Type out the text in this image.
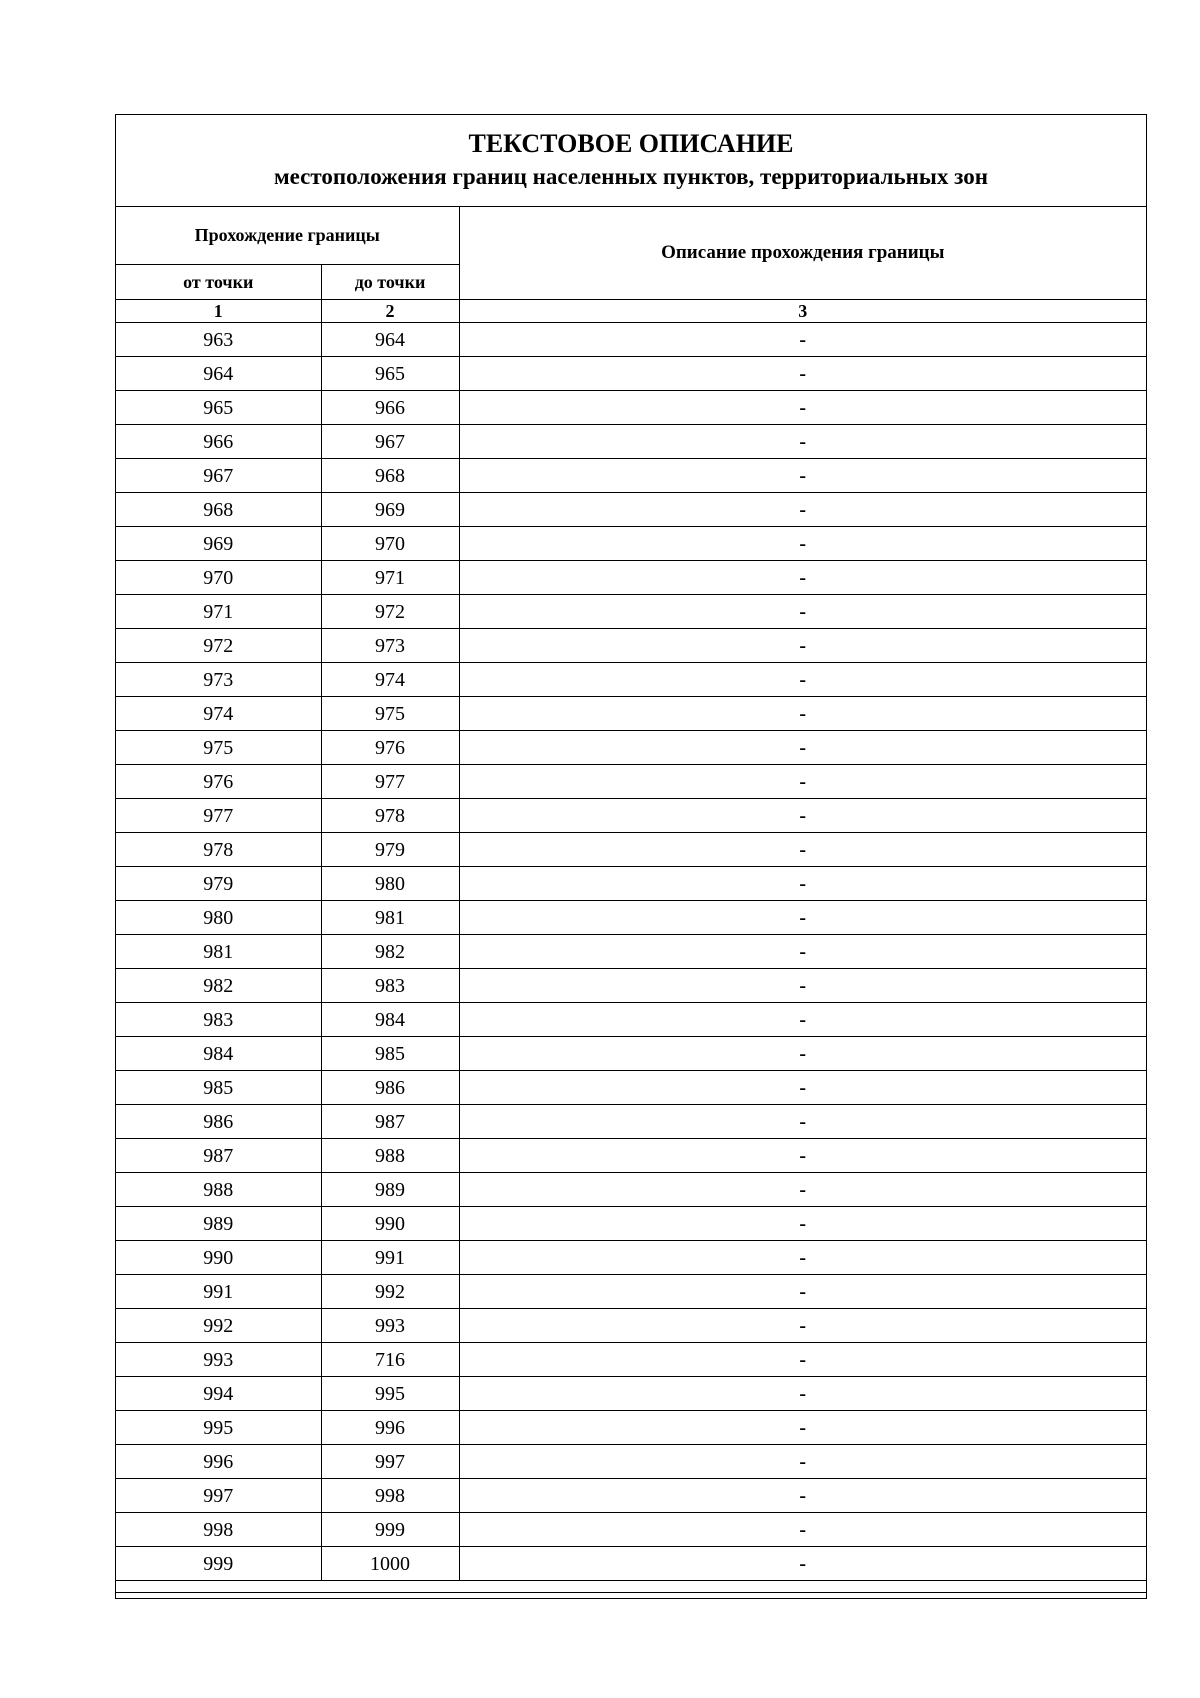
ТЕКСТОВОЕ ОПИСАНИЕ
местоположения границ населенных пунктов, территориальных зон
Прохождение границы		Описание прохождения границы
от точки	до точки	
1	2	3
963	964	-
964	965	-
965	966	-
966	967	-
967	968	-
968	969	-
969	970	-
970	971	-
971	972	-
972	973	-
973	974	-
974	975	-
975	976	-
976	977	-
977	978	-
978	979	-
979	980	-
980	981	-
981	982	-
982	983	-
983	984	-
984	985	-
985	986	-
986	987	-
987	988	-
988	989	-
989	990	-
990	991	-
991	992	-
992	993	-
993	716	-
994	995	-
995	996	-
996	997	-
997	998	-
998	999	-
999	1000	-
